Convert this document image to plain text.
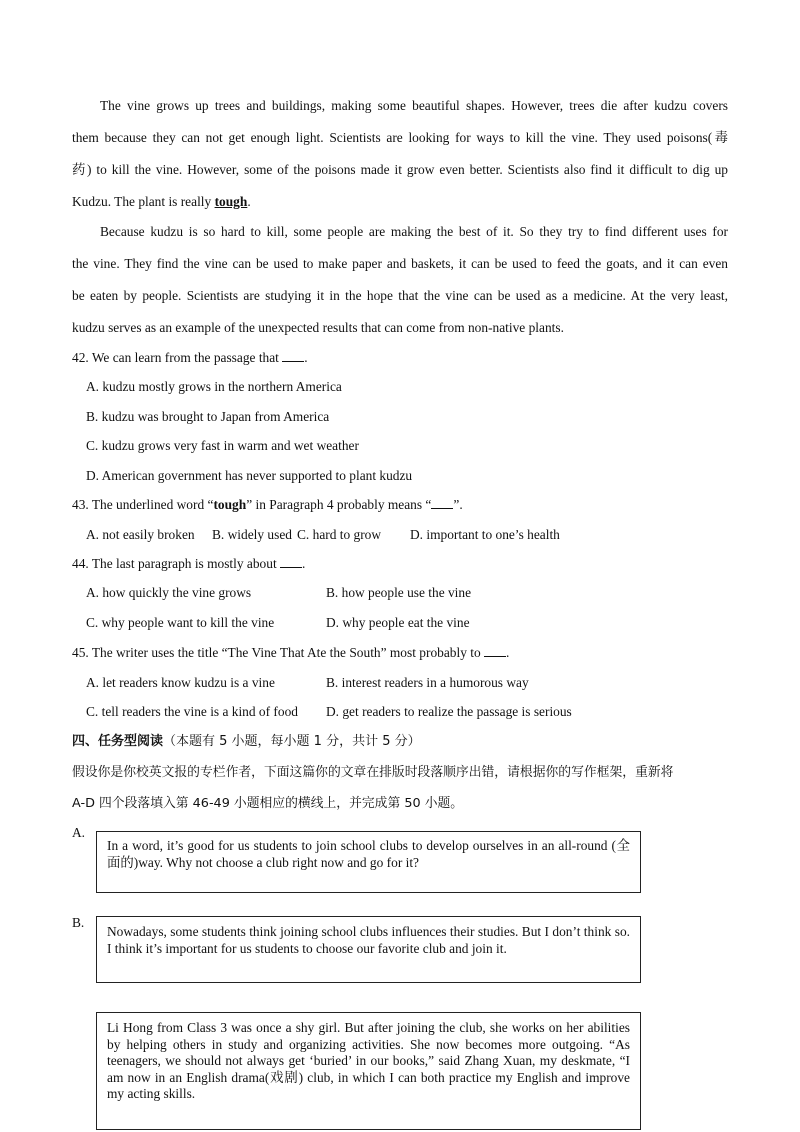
The vine grows up trees and buildings, making some beautiful shapes. However, trees die after kudzu covers
them because they can not get enough light. Scientists are looking for ways to kill the vine. They used poisons(毒
药) to kill the vine. However, some of the poisons made it grow even better. Scientists also find it difficult to dig up
Kudzu. The plant is really tough.
Because kudzu is so hard to kill, some people are making the best of it. So they try to find different uses for
the vine. They find the vine can be used to make paper and baskets, it can be used to feed the goats, and it can even
be eaten by people. Scientists are studying it in the hope that the vine can be used as a medicine. At the very least,
kudzu serves as an example of the unexpected results that can come from non-native plants.
42. We can learn from the passage that .
A. kudzu mostly grows in the northern America
B. kudzu was brought to Japan from America
C. kudzu grows very fast in warm and wet weather
D. American government has never supported to plant kudzu
43. The underlined word “tough” in Paragraph 4 probably means “ ”.
A. not easily broken B. widely used C. hard to grow D. important to one’s health
44. The last paragraph is mostly about .
A. how quickly the vine grows	B. how people use the vine
C. why people want to kill the vine	D. why people eat the vine
45. The writer uses the title “The Vine That Ate the South” most probably to .
A. let readers know kudzu is a vine	B. interest readers in a humorous way
C. tell readers the vine is a kind of food D. get readers to realize the passage is serious
四、任务型阅读（本题有 5 小题，每小题 1 分，共计 5 分）
假设你是你校英文报的专栏作者，下面这篇你的文章在排版时段落顺序出错，请根据你的写作框架，重新将
A-D 四个段落填入第 46-49 小题相应的横线上，并完成第 50 小题。
A.
In a word, it’s good for us students to join school clubs to develop ourselves in an all-round (全面的)way. Why not choose a club right now and go for it?
B.
Nowadays, some students think joining school clubs influences their studies. But I don’t think so. I think it’s important for us students to choose our favorite club and join it.
Li Hong from Class 3 was once a shy girl. But after joining the club, she works on her abilities by helping others in study and organizing activities. She now becomes more outgoing. “As teenagers, we should not always get ‘buried’ in our books,” said Zhang Xuan, my deskmate, “I am now in an English drama(戏剧) club, in which I can both practice my English and improve my acting skills.
